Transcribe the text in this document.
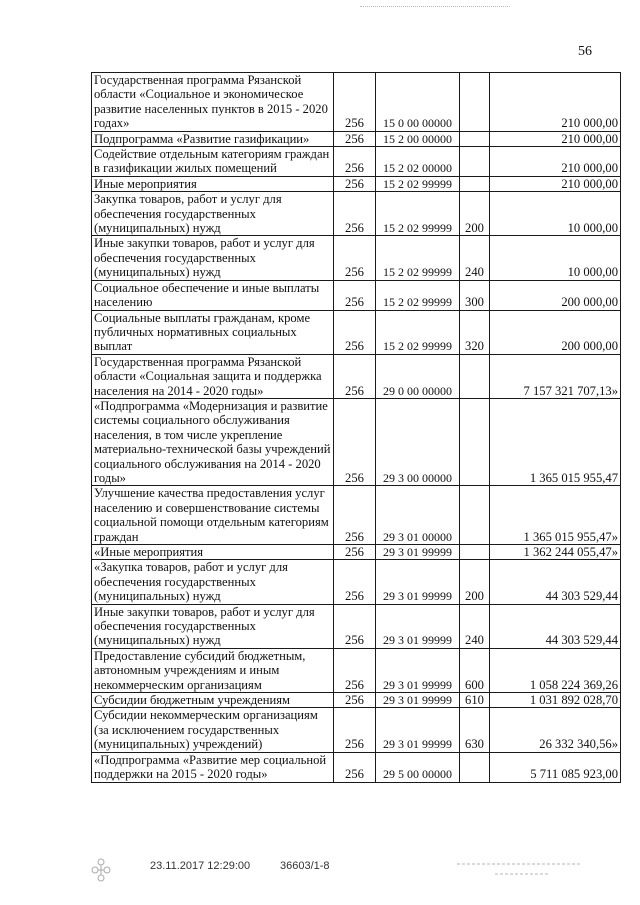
56
Государственная программа Рязанской области «Социальное и экономическое развитие населенных пунктов в 2015 - 2020 годах»	256	15 0 00 00000		210 000,00
Подпрограмма «Развитие газификации»	256	15 2 00 00000		210 000,00
Содействие отдельным категориям граждан в газификации жилых помещений	256	15 2 02 00000		210 000,00
Иные мероприятия	256	15 2 02 99999		210 000,00
Закупка товаров, работ и услуг для обеспечения государственных (муниципальных) нужд	256	15 2 02 99999	200	10 000,00
Иные закупки товаров, работ и услуг для обеспечения государственных (муниципальных) нужд	256	15 2 02 99999	240	10 000,00
Социальное обеспечение и иные выплаты населению	256	15 2 02 99999	300	200 000,00
Социальные выплаты гражданам, кроме публичных нормативных социальных выплат	256	15 2 02 99999	320	200 000,00
Государственная программа Рязанской области «Социальная защита и поддержка населения на 2014 - 2020 годы»	256	29 0 00 00000		7 157 321 707,13»
«Подпрограмма «Модернизация и развитие системы социального обслуживания населения, в том числе укрепление материально-технической базы учреждений социального обслуживания на 2014 - 2020 годы»	256	29 3 00 00000		1 365 015 955,47
Улучшение качества предоставления услуг населению и совершенствование системы социальной помощи отдельным категориям граждан	256	29 3 01 00000		1 365 015 955,47»
«Иные мероприятия	256	29 3 01 99999		1 362 244 055,47»
«Закупка товаров, работ и услуг для обеспечения государственных (муниципальных) нужд	256	29 3 01 99999	200	44 303 529,44
Иные закупки товаров, работ и услуг для обеспечения государственных (муниципальных) нужд	256	29 3 01 99999	240	44 303 529,44
Предоставление субсидий бюджетным, автономным учреждениям и иным некоммерческим организациям	256	29 3 01 99999	600	1 058 224 369,26
Субсидии бюджетным учреждениям	256	29 3 01 99999	610	1 031 892 028,70
Субсидии некоммерческим организациям (за исключением государственных (муниципальных) учреждений)	256	29 3 01 99999	630	26 332 340,56»
«Подпрограмма «Развитие мер социальной поддержки на 2015 - 2020 годы»	256	29 5 00 00000		5 711 085 923,00
23.11.2017 12:29:00	36603/1-8
